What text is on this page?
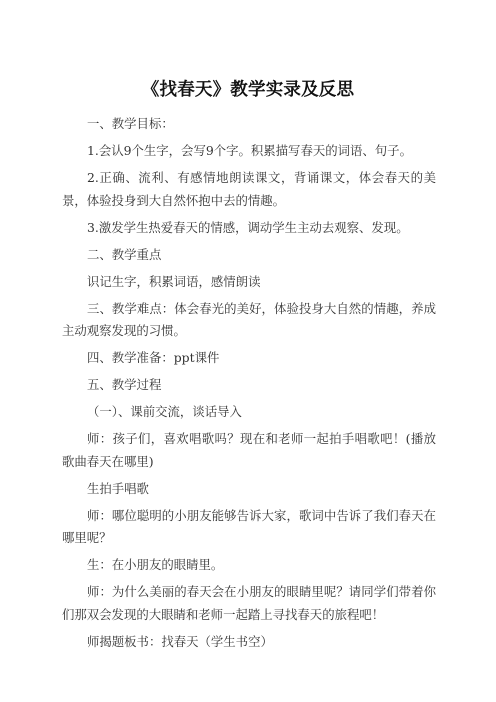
《找春天》教学实录及反思

一、教学目标：

1.会认9个生字，会写9个字。积累描写春天的词语、句子。

2.正确、流利、有感情地朗读课文，背诵课文，体会春天的美景，体验投身到大自然怀抱中去的情趣。

3.激发学生热爱春天的情感，调动学生主动去观察、发现。

二、教学重点

识记生字，积累词语，感情朗读

三、教学难点：体会春光的美好，体验投身大自然的情趣，养成主动观察发现的习惯。

四、教学准备：ppt课件

五、教学过程

（一）、课前交流，谈话导入

师：孩子们，喜欢唱歌吗？现在和老师一起拍手唱歌吧！(播放歌曲春天在哪里)

生拍手唱歌

师：哪位聪明的小朋友能够告诉大家，歌词中告诉了我们春天在哪里呢？

生：在小朋友的眼睛里。

师：为什么美丽的春天会在小朋友的眼睛里呢？请同学们带着你们那双会发现的大眼睛和老师一起踏上寻找春天的旅程吧！

师揭题板书：找春天（学生书空）
